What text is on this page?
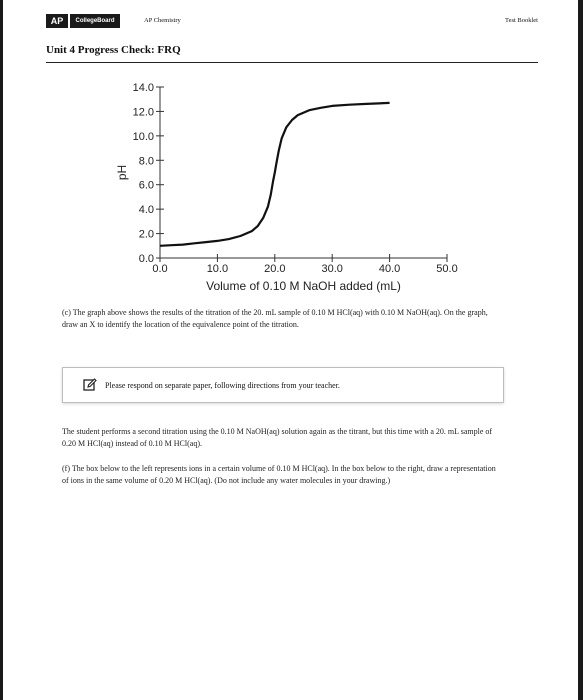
AP	CollegeBoard	AP Chemistry	Test Booklet
Unit 4 Progress Check: FRQ
0.0
2.0
4.0
6.0
8.0
10.0
12.0
14.0
0.0	10.0	20.0	30.0	40.0	50.0
Volume of 0.10 M NaOH added (mL)
pH
(c) The graph above shows the results of the titration of the 20. mL sample of 0.10 M HCl(aq) with 0.10 M NaOH(aq). On the graph, draw an X to identify the location of the equivalence point of the titration.
Please respond on separate paper, following directions from your teacher.
The student performs a second titration using the 0.10 M NaOH(aq) solution again as the titrant, but this time with a 20. mL sample of 0.20 M HCl(aq) instead of 0.10 M HCl(aq).
(f) The box below to the left represents ions in a certain volume of 0.10 M HCl(aq). In the box below to the right, draw a representation of ions in the same volume of 0.20 M HCl(aq). (Do not include any water molecules in your drawing.)
